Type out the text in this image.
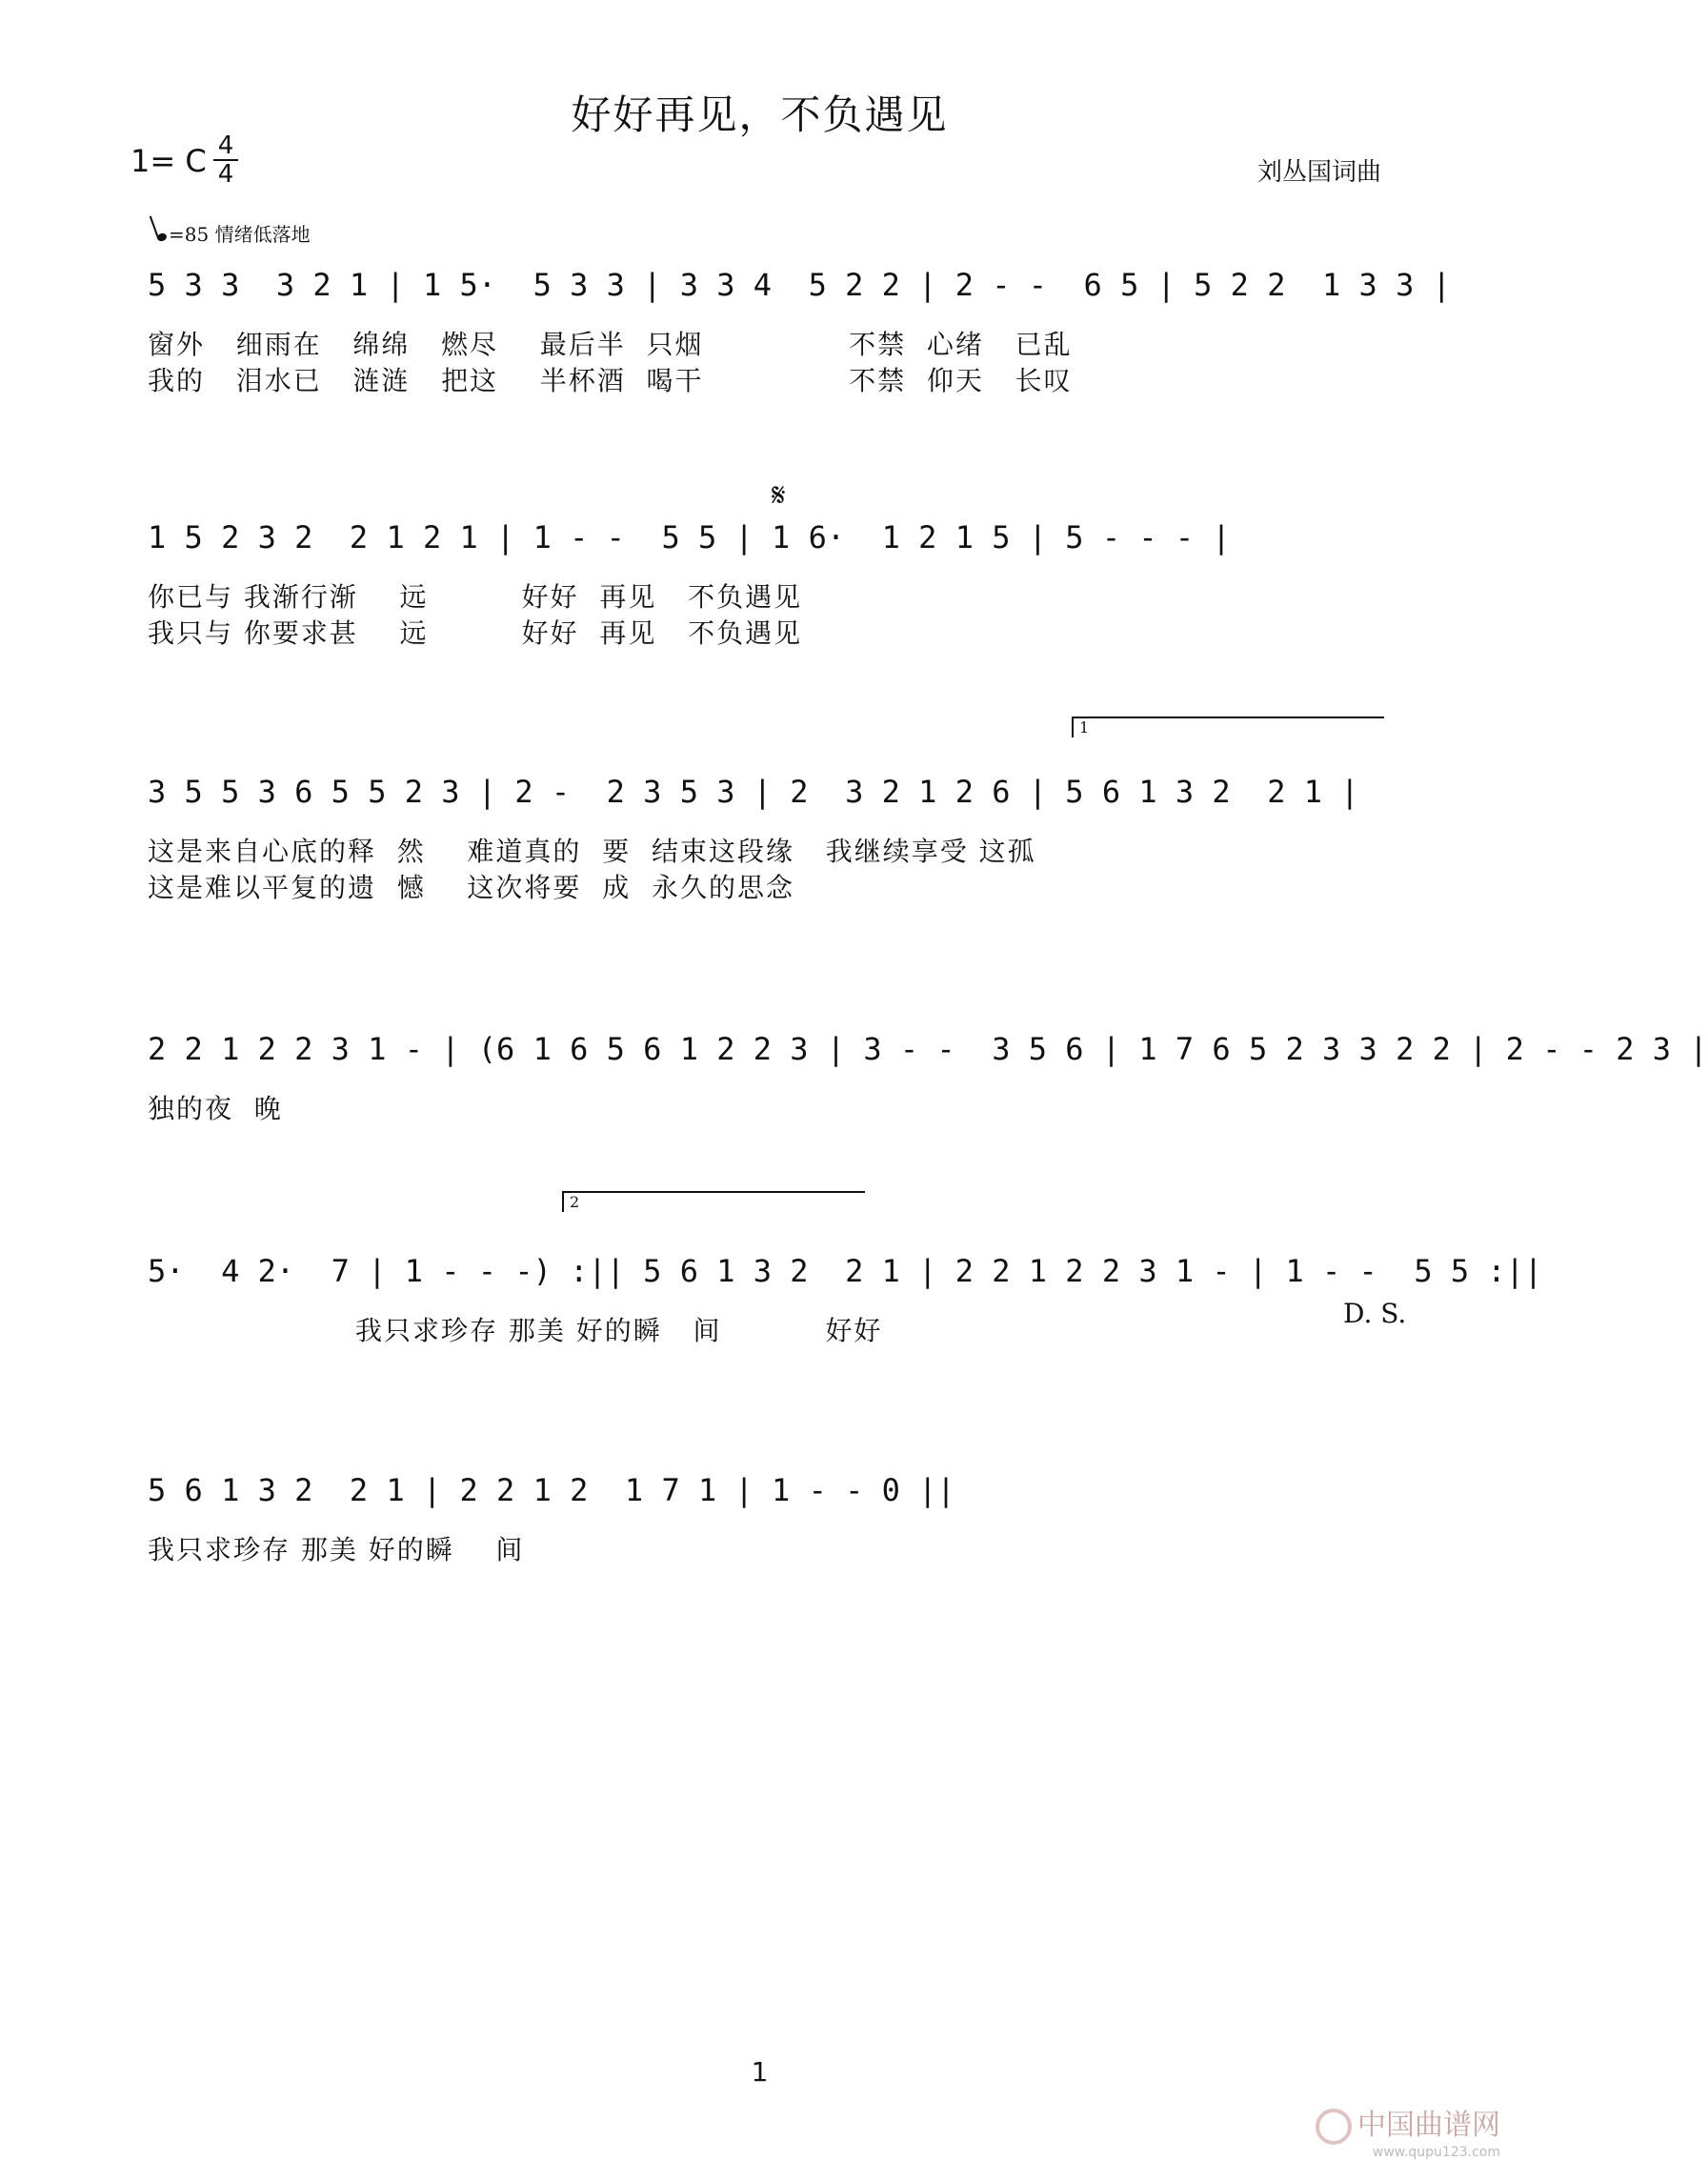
好好再见，不负遇见
1= C 4
4	刘丛国词曲
=85 情绪低落地
5 3 3  3 2 1 | 1 5·  5 3 3 | 3 3 4  5 2 2 | 2 - -  6 5 | 5 2 2  1 3 3 |
窗外   细雨在   绵绵   燃尽    最后半  只烟              不禁  心绪   已乱
我的   泪水已   涟涟   把这    半杯酒  喝干              不禁  仰天   长叹
𝄋
1 5 2 3 2  2 1 2 1 | 1 - -  5 5 | 1 6·  1 2 1 5 | 5 - - - |
你已与 我渐行渐    远         好好  再见   不负遇见
我只与 你要求甚    远         好好  再见   不负遇见
1
3 5 5 3 6 5 5 2 3 | 2 -  2 3 5 3 | 2  3 2 1 2 6 | 5 6 1 3 2  2 1 |
这是来自心底的释  然    难道真的  要  结束这段缘   我继续享受 这孤
这是难以平复的遗  憾    这次将要  成  永久的思念
2 2 1 2 2 3 1 - | (6 1 6 5 6 1 2 2 3 | 3 - -  3 5 6 | 1 7 6 5 2 3 3 2 2 | 2 - - 2 3 |
独的夜  晚
2
5·  4 2·  7 | 1 - - -) :|| 5 6 1 3 2  2 1 | 2 2 1 2 2 3 1 - | 1 - -  5 5 :||
我只求珍存 那美 好的瞬   间          好好
D. S.
5 6 1 3 2  2 1 | 2 2 1 2  1 7 1 | 1 - - 0 ||
我只求珍存 那美 好的瞬    间
1
中国曲谱网
www.qupu123.com
